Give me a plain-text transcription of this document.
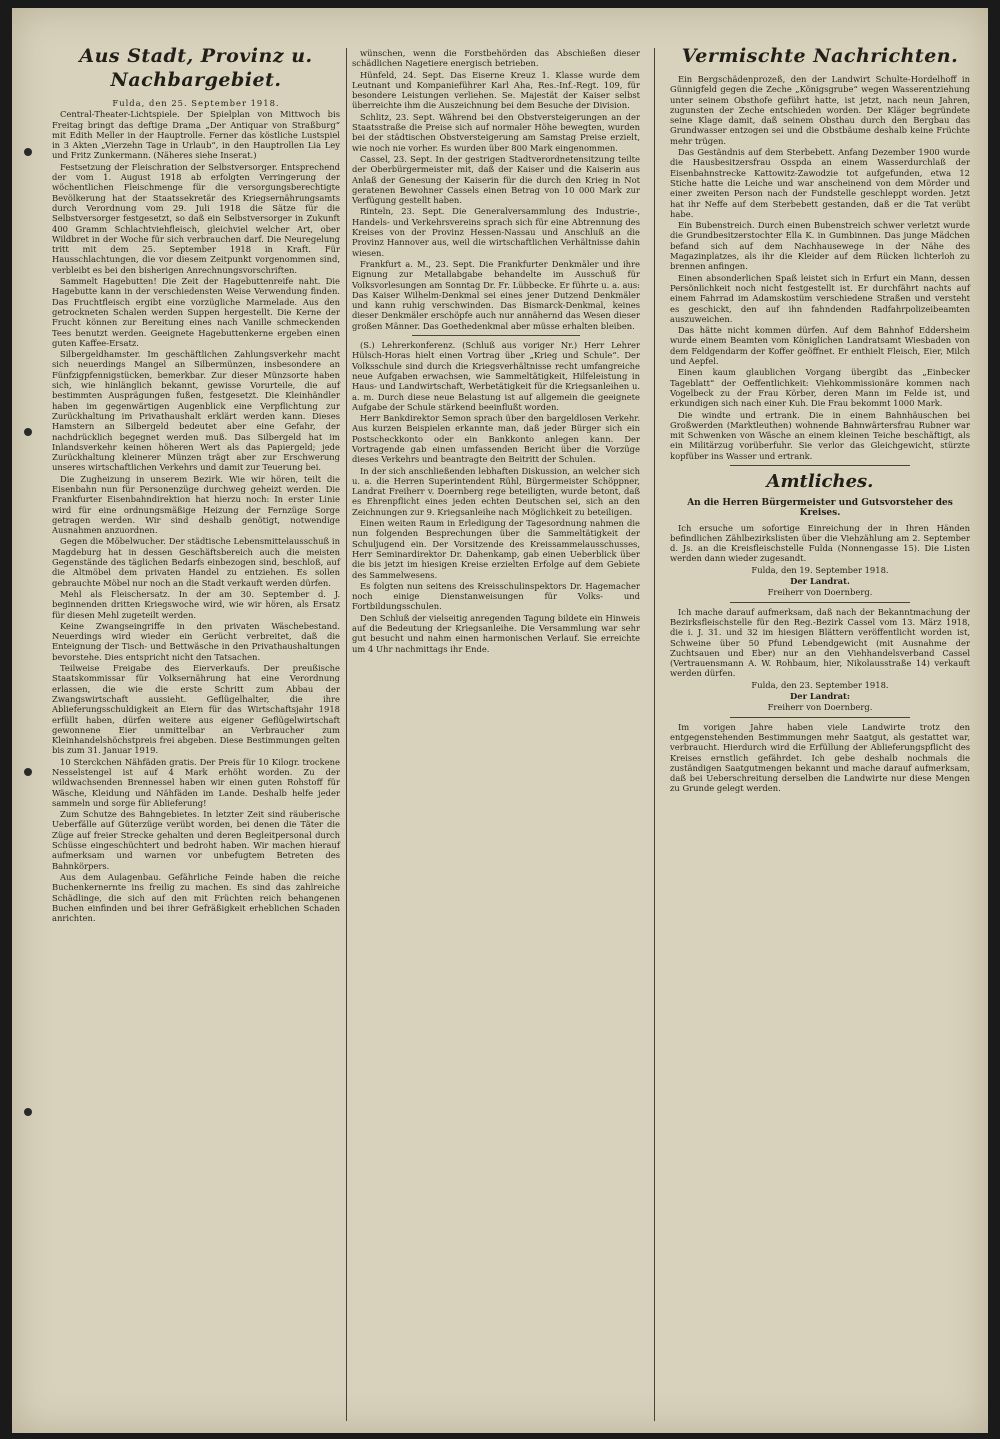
Aus Stadt, Provinz u. Nachbargebiet.

Fulda, den 25. September 1918.

Central-Theater-Lichtspiele. Der Spielplan von Mittwoch bis Freitag bringt das deftige Drama „Der Antiquar von Straßburg“ mit Edith Meller in der Hauptrolle. Ferner das köstliche Lustspiel in 3 Akten „Vierzehn Tage in Urlaub“, in den Hauptrollen Lia Ley und Fritz Zunkermann. (Näheres siehe Inserat.)

Festsetzung der Fleischration der Selbstversorger. Entsprechend der vom 1. August 1918 ab erfolgten Verringerung der wöchentlichen Fleischmenge für die versorgungsberechtigte Bevölkerung hat der Staatssekretär des Kriegsernährungsamts durch Verordnung vom 29. Juli 1918 die Sätze für die Selbstversorger festgesetzt, so daß ein Selbstversorger in Zukunft 400 Gramm Schlachtviehfleisch, gleichviel welcher Art, ober Wildbret in der Woche für sich verbrauchen darf. Die Neuregelung tritt mit dem 25. September 1918 in Kraft. Für Hausschlachtungen, die vor diesem Zeitpunkt vorgenommen sind, verbleibt es bei den bisherigen Anrechnungsvorschriften.

Sammelt Hagebutten! Die Zeit der Hagebuttenreife naht. Die Hagebutte kann in der verschiedensten Weise Verwendung finden. Das Fruchtfleisch ergibt eine vorzügliche Marmelade. Aus den getrockneten Schalen werden Suppen hergestellt. Die Kerne der Frucht können zur Bereitung eines nach Vanille schmeckenden Tees benutzt werden. Geeignete Hagebuttenkerne ergeben einen guten Kaffee-Ersatz.

Silbergeldhamster. Im geschäftlichen Zahlungsverkehr macht sich neuerdings Mangel an Silbermünzen, insbesondere an Fünfzigpfennigstücken, bemerkbar. Zur dieser Münzsorte haben sich, wie hinlänglich bekannt, gewisse Vorurteile, die auf bestimmten Ausprägungen fußen, festgesetzt. Die Kleinhändler haben im gegenwärtigen Augenblick eine Verpflichtung zur Zurückhaltung im Privathaushalt erklärt werden kann. Dieses Hamstern an Silbergeld bedeutet aber eine Gefahr, der nachdrücklich begegnet werden muß. Das Silbergeld hat im Inlandsverkehr keinen höheren Wert als das Papiergeld; jede Zurückhaltung kleinerer Münzen trägt aber zur Erschwerung unseres wirtschaftlichen Verkehrs und damit zur Teuerung bei.

Die Zugheizung in unserem Bezirk. Wie wir hören, teilt die Eisenbahn nun für Personenzüge durchweg geheizt werden. Die Frankfurter Eisenbahndirektion hat hierzu noch: In erster Linie wird für eine ordnungsmäßige Heizung der Fernzüge Sorge getragen werden. Wir sind deshalb genötigt, notwendige Ausnahmen anzuordnen.

Gegen die Möbelwucher. Der städtische Lebensmittelausschuß in Magdeburg hat in dessen Geschäftsbereich auch die meisten Gegenstände des täglichen Bedarfs einbezogen sind, beschloß, auf die Altmöbel dem privaten Handel zu entziehen. Es sollen gebrauchte Möbel nur noch an die Stadt verkauft werden dürfen.

Mehl als Fleischersatz. In der am 30. September d. J. beginnenden dritten Kriegswoche wird, wie wir hören, als Ersatz für diesen Mehl zugeteilt werden.

Keine Zwangseingriffe in den privaten Wäschebestand. Neuerdings wird wieder ein Gerücht verbreitet, daß die Enteignung der Tisch- und Bettwäsche in den Privathaushaltungen bevorstehe. Dies entspricht nicht den Tatsachen.

Teilweise Freigabe des Eierverkaufs. Der preußische Staatskommissar für Volksernährung hat eine Verordnung erlassen, die wie die erste Schritt zum Abbau der Zwangswirtschaft aussieht. Geflügelhalter, die ihre Ablieferungsschuldigkeit an Eiern für das Wirtschaftsjahr 1918 erfüllt haben, dürfen weitere aus eigener Geflügelwirtschaft gewonnene Eier unmittelbar an Verbraucher zum Kleinhandelshöchstpreis frei abgeben. Diese Bestimmungen gelten bis zum 31. Januar 1919.

10 Sterckchen Nähfäden gratis. Der Preis für 10 Kilogr. trockene Nesselstengel ist auf 4 Mark erhöht worden. Zu der wildwachsenden Brennessel haben wir einen guten Rohstoff für Wäsche, Kleidung und Nähfäden im Lande. Deshalb helfe jeder sammeln und sorge für Ablieferung!

Zum Schutze des Bahngebietes. In letzter Zeit sind räuberische Ueberfälle auf Güterzüge verübt worden, bei denen die Täter die Züge auf freier Strecke gehalten und deren Begleitpersonal durch Schüsse eingeschüchtert und bedroht haben. Wir machen hierauf aufmerksam und warnen vor unbefugtem Betreten des Bahnkörpers.

Aus dem Aulagenbau. Gefährliche Feinde haben die reiche Buchenkernernte ins freilig zu machen. Es sind das zahlreiche Schädlinge, die sich auf den mit Früchten reich behangenen Buchen einfinden und bei ihrer Gefräßigkeit erheblichen Schaden anrichten.

wünschen, wenn die Forstbehörden das Abschießen dieser schädlichen Nagetiere energisch betrieben.

Hünfeld, 24. Sept. Das Eiserne Kreuz 1. Klasse wurde dem Leutnant und Kompanieführer Karl Aha, Res.-Inf.-Regt. 109, für besondere Leistungen verliehen. Se. Majestät der Kaiser selbst überreichte ihm die Auszeichnung bei dem Besuche der Division.

Schlitz, 23. Sept. Während bei den Obstversteigerungen an der Staatsstraße die Preise sich auf normaler Höhe bewegten, wurden bei der städtischen Obstversteigerung am Samstag Preise erzielt, wie noch nie vorher. Es wurden über 800 Mark eingenommen.

Cassel, 23. Sept. In der gestrigen Stadtverordnetensitzung teilte der Oberbürgermeister mit, daß der Kaiser und die Kaiserin aus Anlaß der Genesung der Kaiserin für die durch den Krieg in Not geratenen Bewohner Cassels einen Betrag von 10 000 Mark zur Verfügung gestellt haben.

Rinteln, 23. Sept. Die Generalversammlung des Industrie-, Handels- und Verkehrsvereins sprach sich für eine Abtrennung des Kreises von der Provinz Hessen-Nassau und Anschluß an die Provinz Hannover aus, weil die wirtschaftlichen Verhältnisse dahin wiesen.

Frankfurt a. M., 23. Sept. Die Frankfurter Denkmäler und ihre Eignung zur Metallabgabe behandelte im Ausschuß für Volksvorlesungen am Sonntag Dr. Fr. Lübbecke. Er führte u. a. aus: Das Kaiser Wilhelm-Denkmal sei eines jener Dutzend Denkmäler und kann ruhig verschwinden. Das Bismarck-Denkmal, keines dieser Denkmäler erschöpfe auch nur annähernd das Wesen dieser großen Männer. Das Goethedenkmal aber müsse erhalten bleiben.

(S.) Lehrerkonferenz. (Schluß aus voriger Nr.) Herr Lehrer Hülsch-Horas hielt einen Vortrag über „Krieg und Schule“. Der Volksschule sind durch die Kriegsverhältnisse recht umfangreiche neue Aufgaben erwachsen, wie Sammeltätigkeit, Hilfeleistung in Haus- und Landwirtschaft, Werbetätigkeit für die Kriegsanleihen u. a. m. Durch diese neue Belastung ist auf allgemein die geeignete Aufgabe der Schule stärkend beeinflußt worden.

Herr Bankdirektor Semon sprach über den bargeldlosen Verkehr. Aus kurzen Beispielen erkannte man, daß jeder Bürger sich ein Postscheckkonto oder ein Bankkonto anlegen kann. Der Vortragende gab einen umfassenden Bericht über die Vorzüge dieses Verkehrs und beantragte den Beitritt der Schulen.

In der sich anschließenden lebhaften Diskussion, an welcher sich u. a. die Herren Superintendent Rühl, Bürgermeister Schöppner, Landrat Freiherr v. Doernberg rege beteiligten, wurde betont, daß es Ehrenpflicht eines jeden echten Deutschen sei, sich an den Zeichnungen zur 9. Kriegsanleihe nach Möglichkeit zu beteiligen.

Einen weiten Raum in Erledigung der Tagesordnung nahmen die nun folgenden Besprechungen über die Sammeltätigkeit der Schuljugend ein. Der Vorsitzende des Kreissammelausschusses, Herr Seminardirektor Dr. Dahenkamp, gab einen Ueberblick über die bis jetzt im hiesigen Kreise erzielten Erfolge auf dem Gebiete des Sammelwesens.

Es folgten nun seitens des Kreisschulinspektors Dr. Hagemacher noch einige Dienstanweisungen für Volks- und Fortbildungsschulen.

Den Schluß der vielseitig anregenden Tagung bildete ein Hinweis auf die Bedeutung der Kriegsanleihe. Die Versammlung war sehr gut besucht und nahm einen harmonischen Verlauf. Sie erreichte um 4 Uhr nachmittags ihr Ende.

Vermischte Nachrichten.

Ein Bergschädenprozeß, den der Landwirt Schulte-Hordelhoff in Günnigfeld gegen die Zeche „Königsgrube“ wegen Wasserentziehung unter seinem Obsthofe geführt hatte, ist jetzt, nach neun Jahren, zugunsten der Zeche entschieden worden. Der Kläger begründete seine Klage damit, daß seinem Obsthau durch den Bergbau das Grundwasser entzogen sei und die Obstbäume deshalb keine Früchte mehr trügen.

Das Geständnis auf dem Sterbebett. Anfang Dezember 1900 wurde die Hausbesitzersfrau Osspda an einem Wasserdurchlaß der Eisenbahnstrecke Kattowitz-Zawodzie tot aufgefunden, etwa 12 Stiche hatte die Leiche und war anscheinend von dem Mörder und einer zweiten Person nach der Fundstelle geschleppt worden. Jetzt hat ihr Neffe auf dem Sterbebett gestanden, daß er die Tat verübt habe.

Ein Bubenstreich. Durch einen Bubenstreich schwer verletzt wurde die Grundbesitzerstochter Ella K. in Gumbinnen. Das junge Mädchen befand sich auf dem Nachhausewege in der Nähe des Magazinplatzes, als ihr die Kleider auf dem Rücken lichterloh zu brennen anfingen.

Einen absonderlichen Spaß leistet sich in Erfurt ein Mann, dessen Persönlichkeit noch nicht festgestellt ist. Er durchfährt nachts auf einem Fahrrad im Adamskostüm verschiedene Straßen und versteht es geschickt, den auf ihn fahndenden Radfahrpolizeibeamten auszuweichen.

Das hätte nicht kommen dürfen. Auf dem Bahnhof Eddersheim wurde einem Beamten vom Königlichen Landratsamt Wiesbaden von dem Feldgendarm der Koffer geöffnet. Er enthielt Fleisch, Eier, Milch und Aepfel.

Einen kaum glaublichen Vorgang übergibt das „Einbecker Tageblatt“ der Oeffentlichkeit: Viehkommissionäre kommen nach Vogelbeck zu der Frau Körber, deren Mann im Felde ist, und erkundigen sich nach einer Kuh. Die Frau bekommt 1000 Mark.

Die windte und ertrank. Die in einem Bahnhäuschen bei Großwerden (Marktleuthen) wohnende Bahnwärtersfrau Rubner war mit Schwenken von Wäsche an einem kleinen Teiche beschäftigt, als ein Militärzug vorüberfuhr. Sie verlor das Gleichgewicht, stürzte kopfüber ins Wasser und ertrank.

Amtliches.
An die Herren Bürgermeister und Gutsvorsteher des Kreises.

Ich ersuche um sofortige Einreichung der in Ihren Händen befindlichen Zählbezirkslisten über die Viehzählung am 2. September d. Js. an die Kreisfleischstelle Fulda (Nonnengasse 15). Die Listen werden dann wieder zugesandt.

Fulda, den 19. September 1918.

Der Landrat.

Freiherr von Doernberg.

Ich mache darauf aufmerksam, daß nach der Bekanntmachung der Bezirksfleischstelle für den Reg.-Bezirk Cassel vom 13. März 1918, die i. J. 31. und 32 im hiesigen Blättern veröffentlicht worden ist, Schweine über 50 Pfund Lebendgewicht (mit Ausnahme der Zuchtsauen und Eber) nur an den Viehhandelsverband Cassel (Vertrauensmann A. W. Rohbaum, hier, Nikolausstraße 14) verkauft werden dürfen.

Fulda, den 23. September 1918.

Der Landrat:

Freiherr von Doernberg.

Im vorigen Jahre haben viele Landwirte trotz den entgegenstehenden Bestimmungen mehr Saatgut, als gestattet war, verbraucht. Hierdurch wird die Erfüllung der Ablieferungspflicht des Kreises ernstlich gefährdet. Ich gebe deshalb nochmals die zuständigen Saatgutmengen bekannt und mache darauf aufmerksam, daß bei Ueberschreitung derselben die Landwirte nur diese Mengen zu Grunde gelegt werden.
